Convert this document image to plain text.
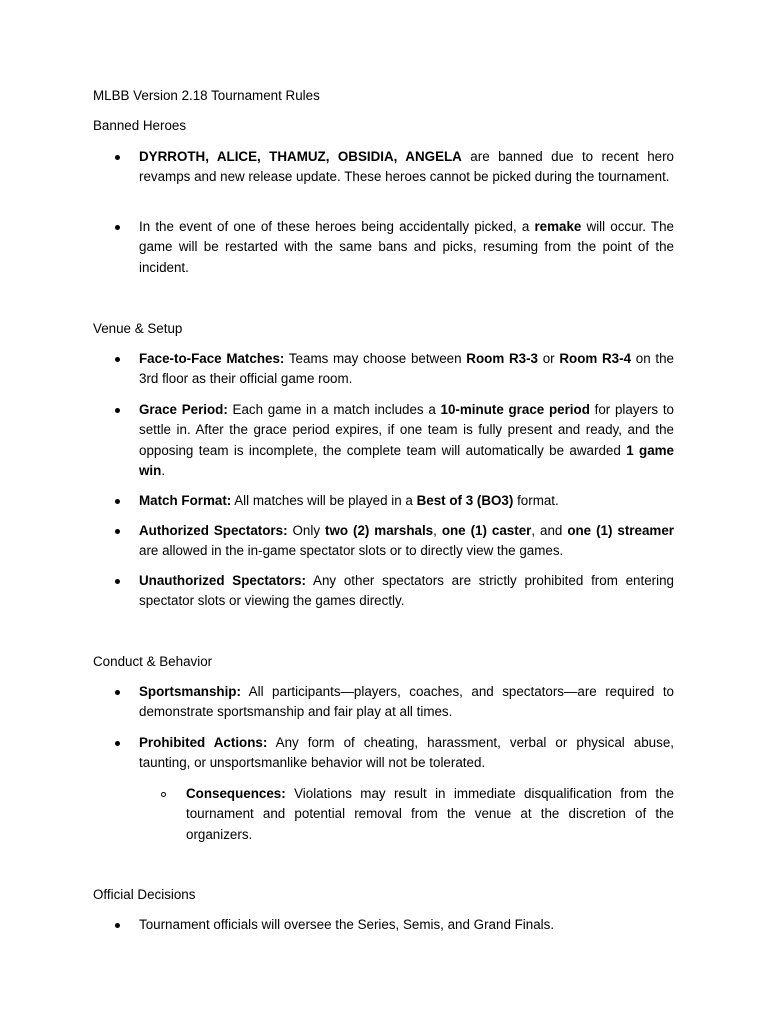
MLBB Version 2.18 Tournament Rules
Banned Heroes
DYRROTH, ALICE, THAMUZ, OBSIDIA, ANGELA are banned due to recent hero revamps and new release update. These heroes cannot be picked during the tournament.
In the event of one of these heroes being accidentally picked, a remake will occur. The game will be restarted with the same bans and picks, resuming from the point of the incident.
Venue & Setup
Face-to-Face Matches: Teams may choose between Room R3-3 or Room R3-4 on the 3rd floor as their official game room.
Grace Period: Each game in a match includes a 10-minute grace period for players to settle in. After the grace period expires, if one team is fully present and ready, and the opposing team is incomplete, the complete team will automatically be awarded 1 game win.
Match Format: All matches will be played in a Best of 3 (BO3) format.
Authorized Spectators: Only two (2) marshals, one (1) caster, and one (1) streamer are allowed in the in-game spectator slots or to directly view the games.
Unauthorized Spectators: Any other spectators are strictly prohibited from entering spectator slots or viewing the games directly.
Conduct & Behavior
Sportsmanship: All participants—players, coaches, and spectators—are required to demonstrate sportsmanship and fair play at all times.
Prohibited Actions: Any form of cheating, harassment, verbal or physical abuse, taunting, or unsportsmanlike behavior will not be tolerated.
Consequences: Violations may result in immediate disqualification from the tournament and potential removal from the venue at the discretion of the organizers.
Official Decisions
Tournament officials will oversee the Series, Semis, and Grand Finals.
